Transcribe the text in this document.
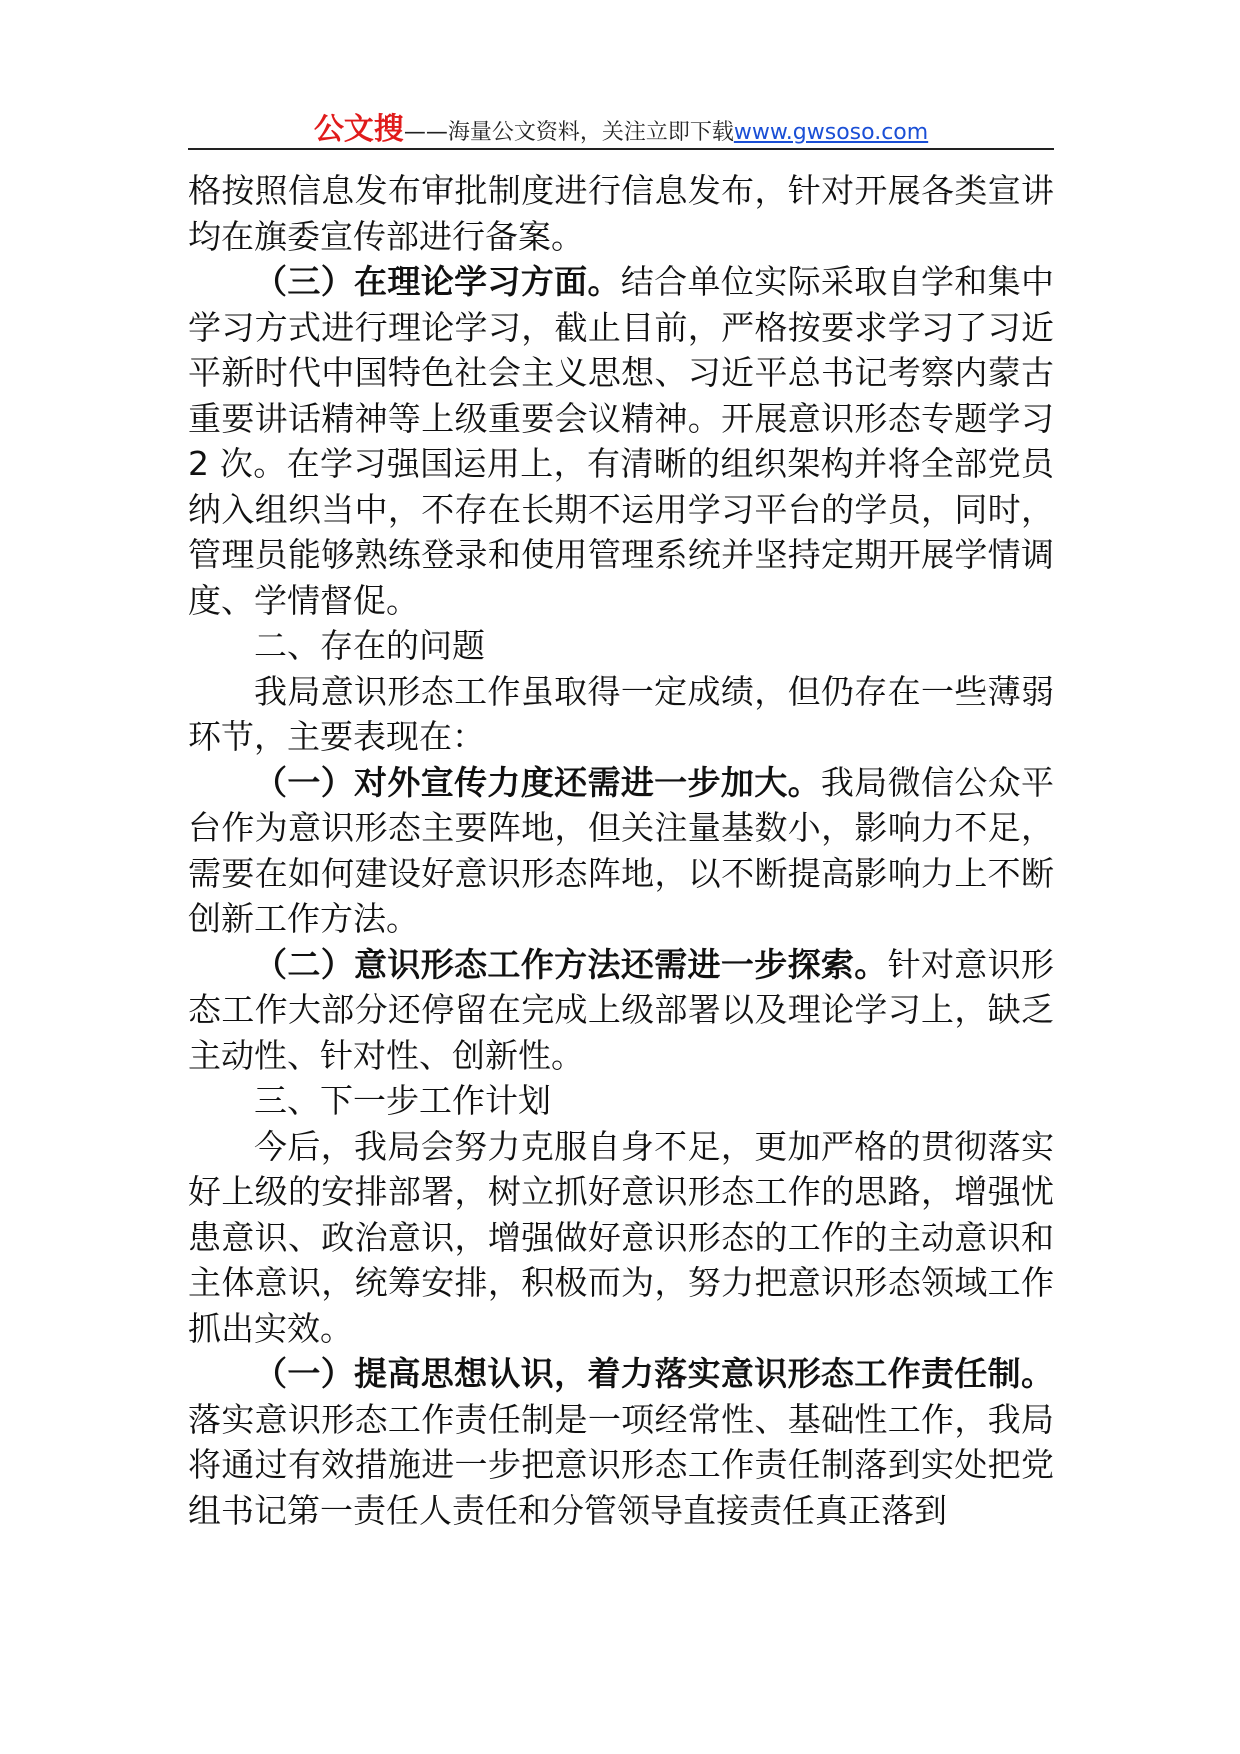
公文搜——海量公文资料，关注立即下载www.gwsoso.com

格按照信息发布审批制度进行信息发布，针对开展各类宣讲均在旗委宣传部进行备案。

（三）在理论学习方面。结合单位实际采取自学和集中学习方式进行理论学习，截止目前，严格按要求学习了习近平新时代中国特色社会主义思想、习近平总书记考察内蒙古重要讲话精神等上级重要会议精神。开展意识形态专题学习 2 次。在学习强国运用上，有清晰的组织架构并将全部党员纳入组织当中，不存在长期不运用学习平台的学员，同时，管理员能够熟练登录和使用管理系统并坚持定期开展学情调度、学情督促。

二、存在的问题

我局意识形态工作虽取得一定成绩，但仍存在一些薄弱环节，主要表现在：

（一）对外宣传力度还需进一步加大。我局微信公众平台作为意识形态主要阵地，但关注量基数小，影响力不足，需要在如何建设好意识形态阵地，以不断提高影响力上不断创新工作方法。

（二）意识形态工作方法还需进一步探索。针对意识形态工作大部分还停留在完成上级部署以及理论学习上，缺乏主动性、针对性、创新性。

三、下一步工作计划

今后，我局会努力克服自身不足，更加严格的贯彻落实好上级的安排部署，树立抓好意识形态工作的思路，增强忧患意识、政治意识，增强做好意识形态的工作的主动意识和主体意识，统筹安排，积极而为，努力把意识形态领域工作抓出实效。

（一）提高思想认识，着力落实意识形态工作责任制。落实意识形态工作责任制是一项经常性、基础性工作，我局将通过有效措施进一步把意识形态工作责任制落到实处把党组书记第一责任人责任和分管领导直接责任真正落到
